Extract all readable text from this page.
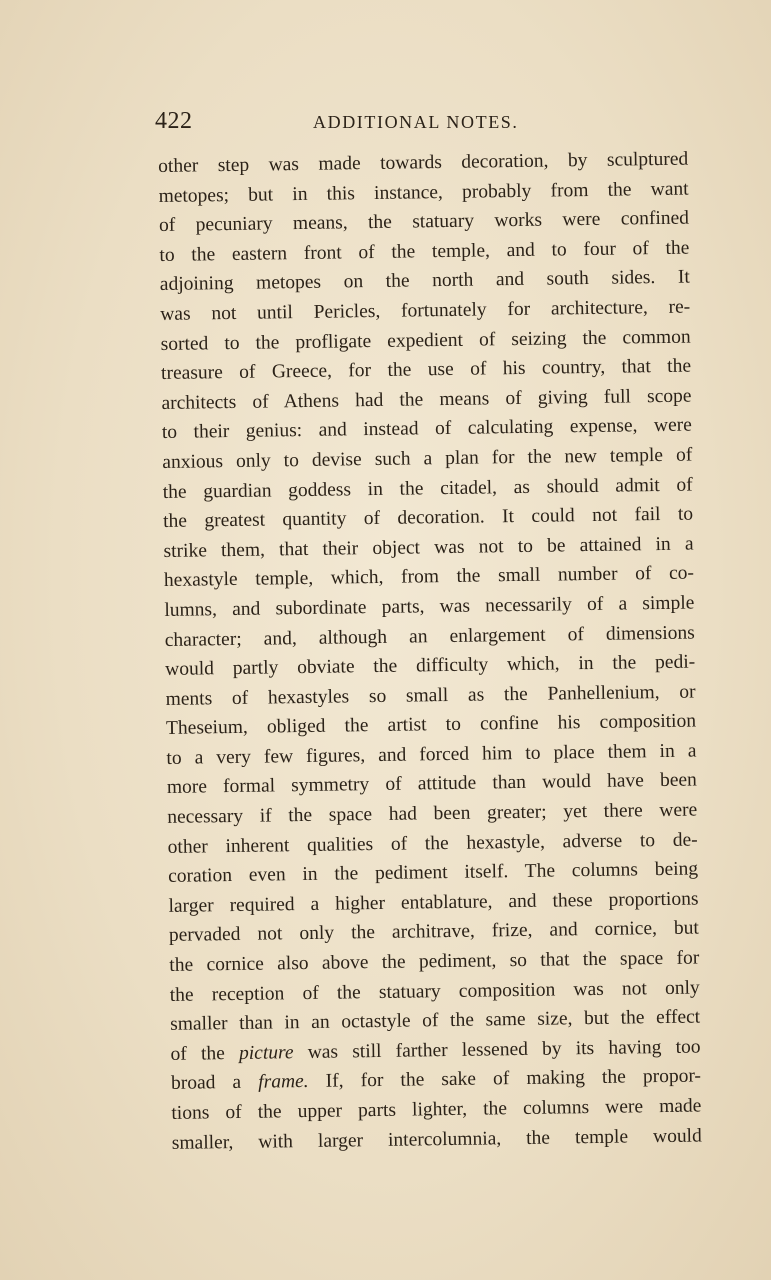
422	ADDITIONAL NOTES.
other step was made towards decoration, by sculptured
metopes; but in this instance, probably from the want
of pecuniary means, the statuary works were confined
to the eastern front of the temple, and to four of the
adjoining metopes on the north and south sides. It
was not until Pericles, fortunately for architecture, re-
sorted to the profligate expedient of seizing the common
treasure of Greece, for the use of his country, that the
architects of Athens had the means of giving full scope
to their genius: and instead of calculating expense, were
anxious only to devise such a plan for the new temple of
the guardian goddess in the citadel, as should admit of
the greatest quantity of decoration. It could not fail to
strike them, that their object was not to be attained in a
hexastyle temple, which, from the small number of co-
lumns, and subordinate parts, was necessarily of a simple
character; and, although an enlargement of dimensions
would partly obviate the difficulty which, in the pedi-
ments of hexastyles so small as the Panhellenium, or
Theseium, obliged the artist to confine his composition
to a very few figures, and forced him to place them in a
more formal symmetry of attitude than would have been
necessary if the space had been greater; yet there were
other inherent qualities of the hexastyle, adverse to de-
coration even in the pediment itself. The columns being
larger required a higher entablature, and these proportions
pervaded not only the architrave, frize, and cornice, but
the cornice also above the pediment, so that the space for
the reception of the statuary composition was not only
smaller than in an octastyle of the same size, but the effect
of the picture was still farther lessened by its having too
broad a frame. If, for the sake of making the propor-
tions of the upper parts lighter, the columns were made
smaller, with larger intercolumnia, the temple would
